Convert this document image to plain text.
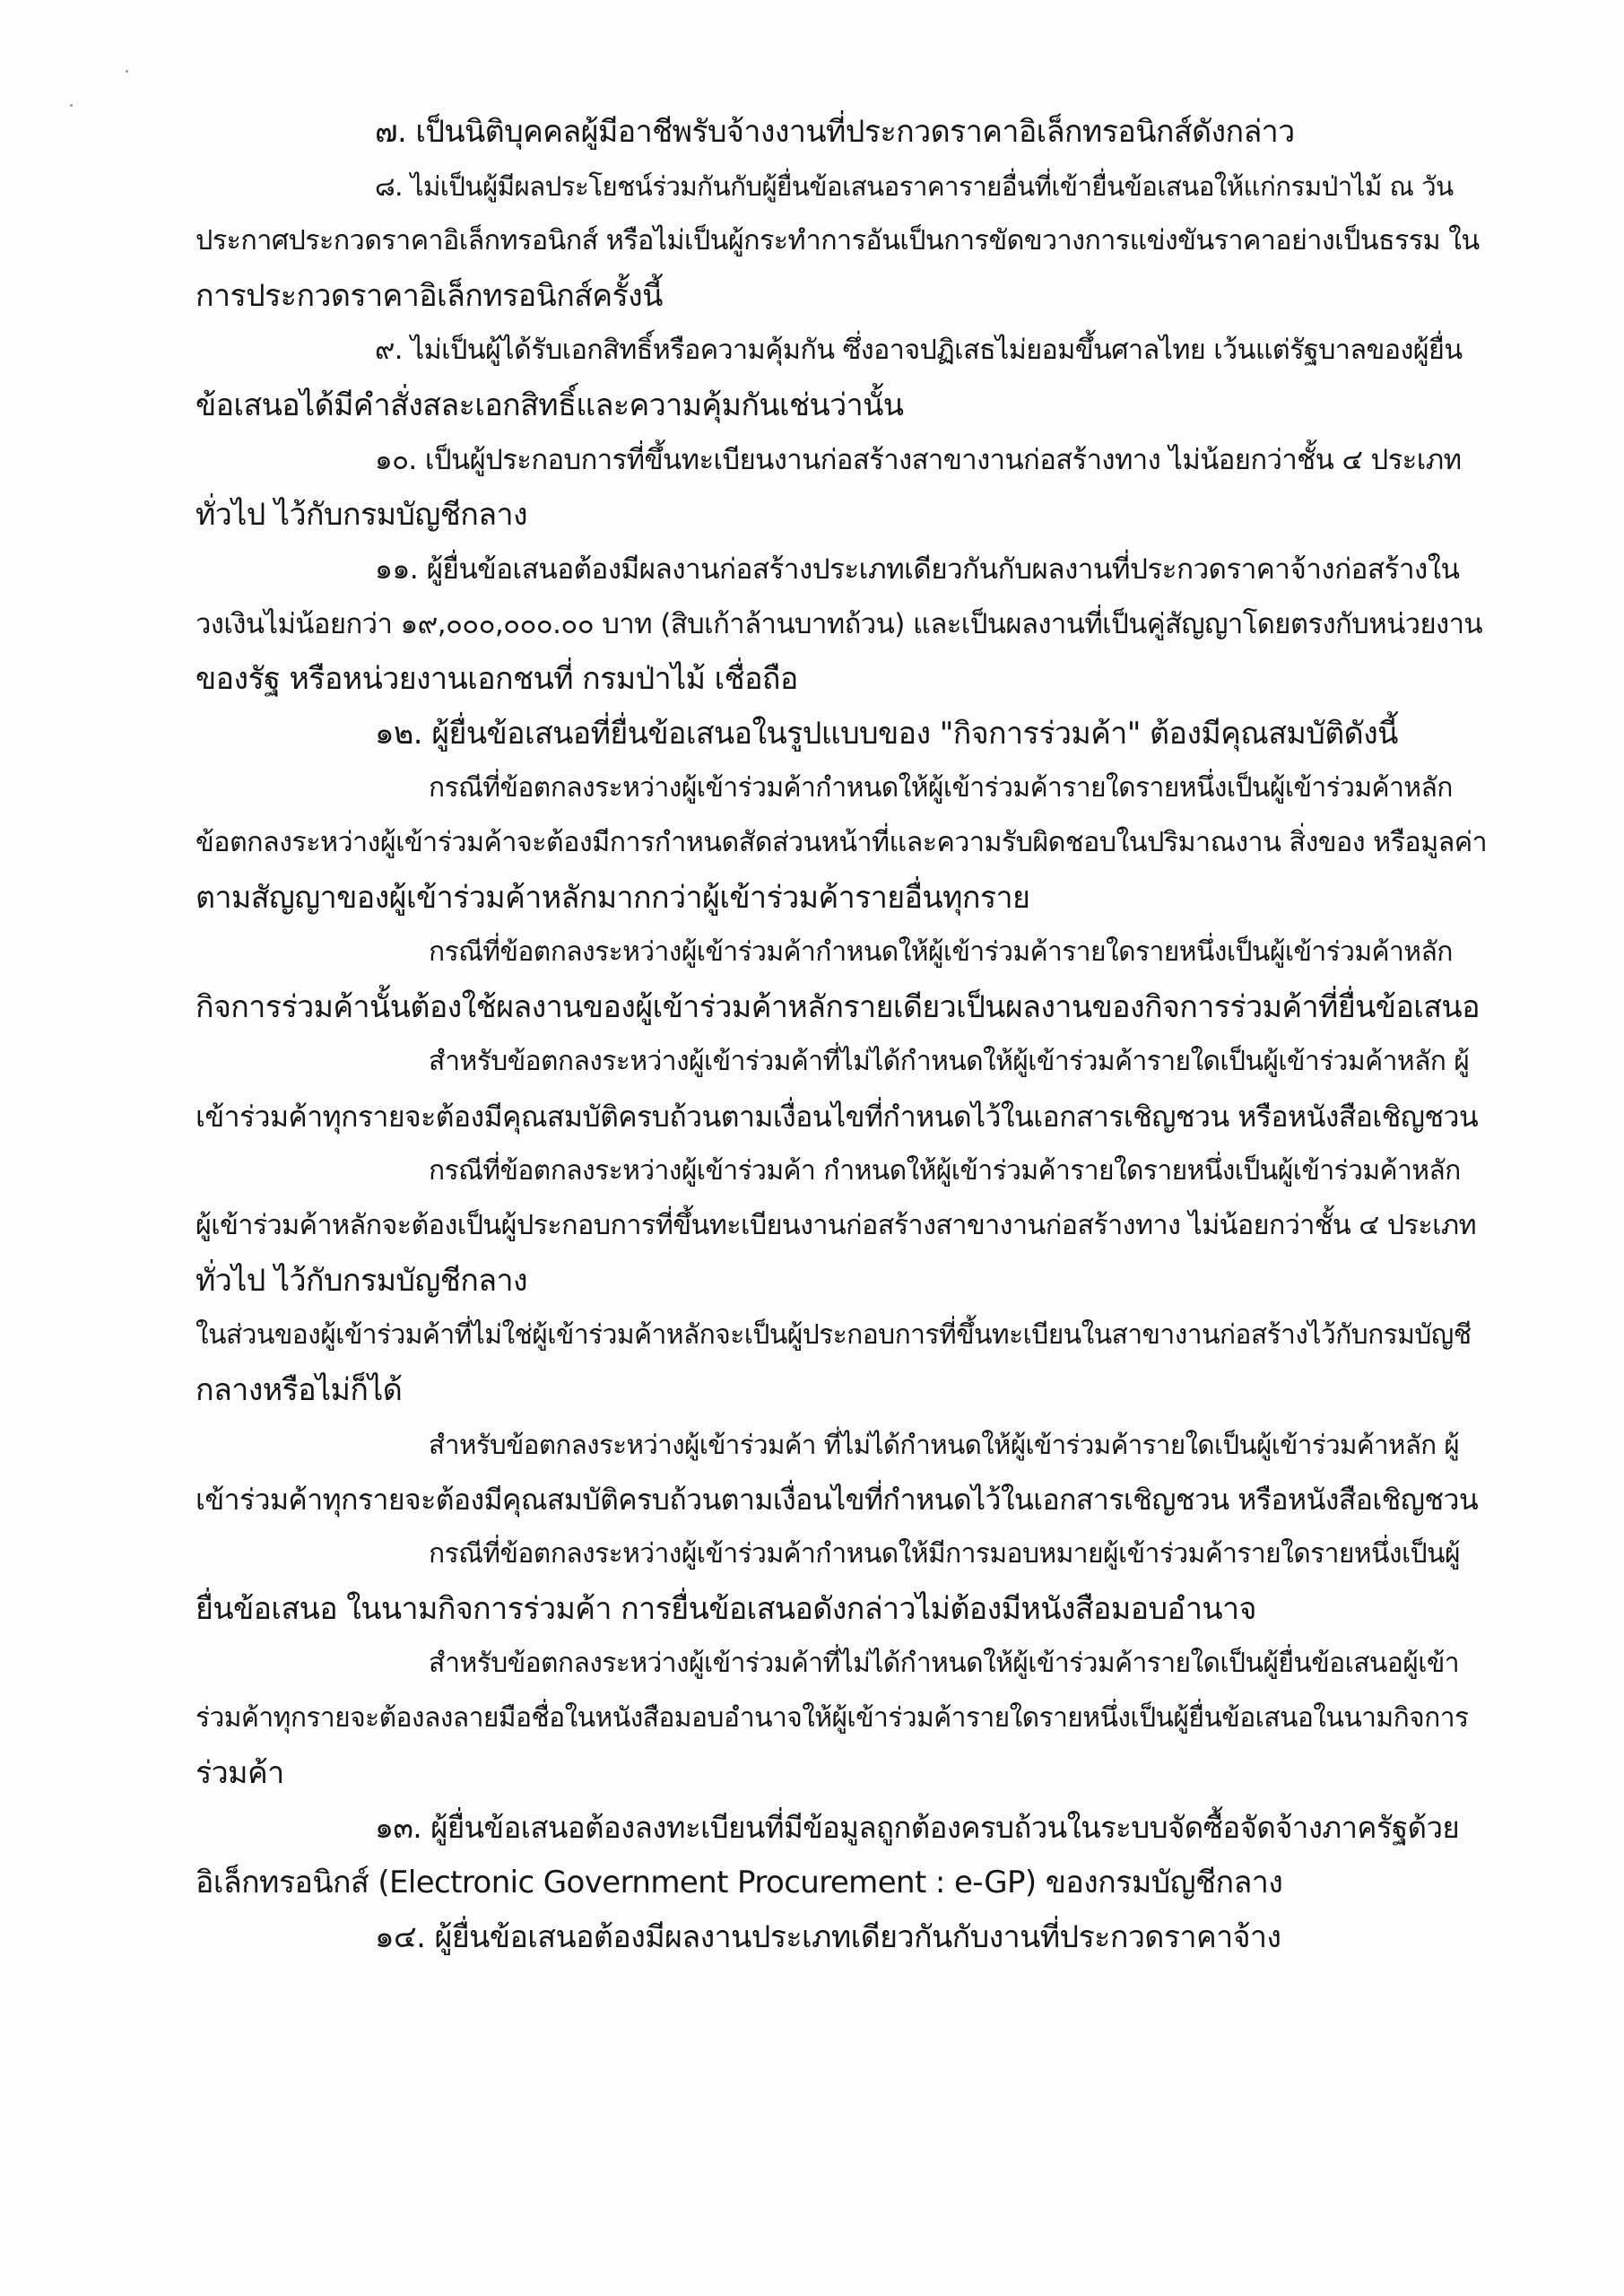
๗. เป็นนิติบุคคลผู้มีอาชีพรับจ้างงานที่ประกวดราคาอิเล็กทรอนิกส์ดังกล่าว
๘. ไม่เป็นผู้มีผลประโยชน์ร่วมกันกับผู้ยื่นข้อเสนอราคารายอื่นที่เข้ายื่นข้อเสนอให้แก่กรมป่าไม้ ณ วัน
ประกาศประกวดราคาอิเล็กทรอนิกส์ หรือไม่เป็นผู้กระทำการอันเป็นการขัดขวางการแข่งขันราคาอย่างเป็นธรรม ใน
การประกวดราคาอิเล็กทรอนิกส์ครั้งนี้
๙. ไม่เป็นผู้ได้รับเอกสิทธิ์หรือความคุ้มกัน ซึ่งอาจปฏิเสธไม่ยอมขึ้นศาลไทย เว้นแต่รัฐบาลของผู้ยื่น
ข้อเสนอได้มีคำสั่งสละเอกสิทธิ์และความคุ้มกันเช่นว่านั้น
๑๐. เป็นผู้ประกอบการที่ขึ้นทะเบียนงานก่อสร้างสาขางานก่อสร้างทาง ไม่น้อยกว่าชั้น ๔ ประเภท
ทั่วไป ไว้กับกรมบัญชีกลาง
๑๑. ผู้ยื่นข้อเสนอต้องมีผลงานก่อสร้างประเภทเดียวกันกับผลงานที่ประกวดราคาจ้างก่อสร้างใน
วงเงินไม่น้อยกว่า ๑๙,๐๐๐,๐๐๐.๐๐ บาท (สิบเก้าล้านบาทถ้วน) และเป็นผลงานที่เป็นคู่สัญญาโดยตรงกับหน่วยงาน
ของรัฐ หรือหน่วยงานเอกชนที่ กรมป่าไม้ เชื่อถือ
๑๒. ผู้ยื่นข้อเสนอที่ยื่นข้อเสนอในรูปแบบของ "กิจการร่วมค้า" ต้องมีคุณสมบัติดังนี้
กรณีที่ข้อตกลงระหว่างผู้เข้าร่วมค้ากำหนดให้ผู้เข้าร่วมค้ารายใดรายหนึ่งเป็นผู้เข้าร่วมค้าหลัก
ข้อตกลงระหว่างผู้เข้าร่วมค้าจะต้องมีการกำหนดสัดส่วนหน้าที่และความรับผิดชอบในปริมาณงาน สิ่งของ หรือมูลค่า
ตามสัญญาของผู้เข้าร่วมค้าหลักมากกว่าผู้เข้าร่วมค้ารายอื่นทุกราย
กรณีที่ข้อตกลงระหว่างผู้เข้าร่วมค้ากำหนดให้ผู้เข้าร่วมค้ารายใดรายหนึ่งเป็นผู้เข้าร่วมค้าหลัก
กิจการร่วมค้านั้นต้องใช้ผลงานของผู้เข้าร่วมค้าหลักรายเดียวเป็นผลงานของกิจการร่วมค้าที่ยื่นข้อเสนอ
สำหรับข้อตกลงระหว่างผู้เข้าร่วมค้าที่ไม่ได้กำหนดให้ผู้เข้าร่วมค้ารายใดเป็นผู้เข้าร่วมค้าหลัก ผู้
เข้าร่วมค้าทุกรายจะต้องมีคุณสมบัติครบถ้วนตามเงื่อนไขที่กำหนดไว้ในเอกสารเชิญชวน หรือหนังสือเชิญชวน
กรณีที่ข้อตกลงระหว่างผู้เข้าร่วมค้า กำหนดให้ผู้เข้าร่วมค้ารายใดรายหนึ่งเป็นผู้เข้าร่วมค้าหลัก
ผู้เข้าร่วมค้าหลักจะต้องเป็นผู้ประกอบการที่ขึ้นทะเบียนงานก่อสร้างสาขางานก่อสร้างทาง ไม่น้อยกว่าชั้น ๔ ประเภท
ทั่วไป ไว้กับกรมบัญชีกลาง
ในส่วนของผู้เข้าร่วมค้าที่ไม่ใช่ผู้เข้าร่วมค้าหลักจะเป็นผู้ประกอบการที่ขึ้นทะเบียนในสาขางานก่อสร้างไว้กับกรมบัญชี
กลางหรือไม่ก็ได้
สำหรับข้อตกลงระหว่างผู้เข้าร่วมค้า ที่ไม่ได้กำหนดให้ผู้เข้าร่วมค้ารายใดเป็นผู้เข้าร่วมค้าหลัก ผู้
เข้าร่วมค้าทุกรายจะต้องมีคุณสมบัติครบถ้วนตามเงื่อนไขที่กำหนดไว้ในเอกสารเชิญชวน หรือหนังสือเชิญชวน
กรณีที่ข้อตกลงระหว่างผู้เข้าร่วมค้ากำหนดให้มีการมอบหมายผู้เข้าร่วมค้ารายใดรายหนึ่งเป็นผู้
ยื่นข้อเสนอ ในนามกิจการร่วมค้า การยื่นข้อเสนอดังกล่าวไม่ต้องมีหนังสือมอบอำนาจ
สำหรับข้อตกลงระหว่างผู้เข้าร่วมค้าที่ไม่ได้กำหนดให้ผู้เข้าร่วมค้ารายใดเป็นผู้ยื่นข้อเสนอผู้เข้า
ร่วมค้าทุกรายจะต้องลงลายมือชื่อในหนังสือมอบอำนาจให้ผู้เข้าร่วมค้ารายใดรายหนึ่งเป็นผู้ยื่นข้อเสนอในนามกิจการ
ร่วมค้า
๑๓. ผู้ยื่นข้อเสนอต้องลงทะเบียนที่มีข้อมูลถูกต้องครบถ้วนในระบบจัดซื้อจัดจ้างภาครัฐด้วย
อิเล็กทรอนิกส์ (Electronic Government Procurement : e-GP) ของกรมบัญชีกลาง
๑๔. ผู้ยื่นข้อเสนอต้องมีผลงานประเภทเดียวกันกับงานที่ประกวดราคาจ้าง
